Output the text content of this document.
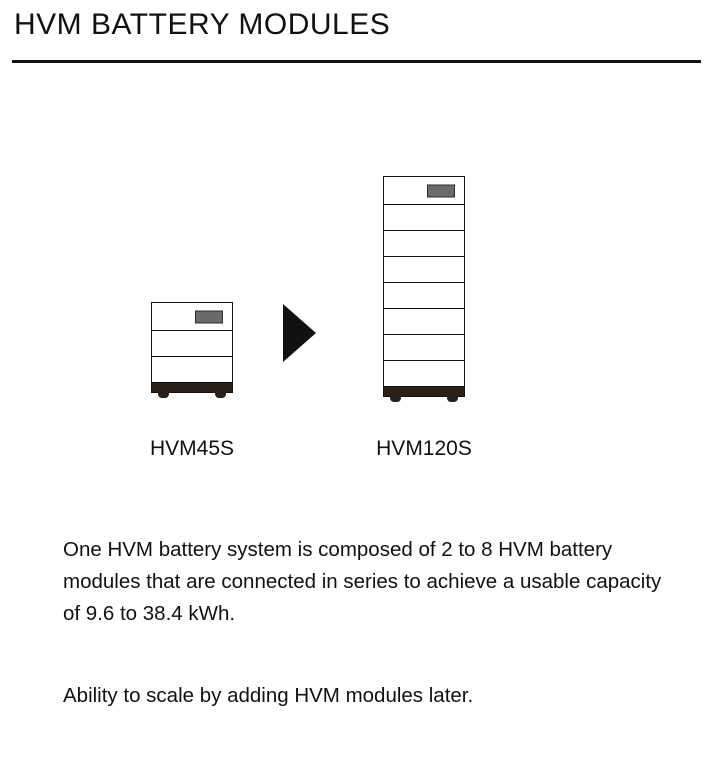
HVM BATTERY MODULES
HVM45S	HVM120S

One HVM battery system is composed of 2 to 8 HVM battery modules that are connected in series to achieve a usable capacity of 9.6 to 38.4 kWh.

Ability to scale by adding HVM modules later.
